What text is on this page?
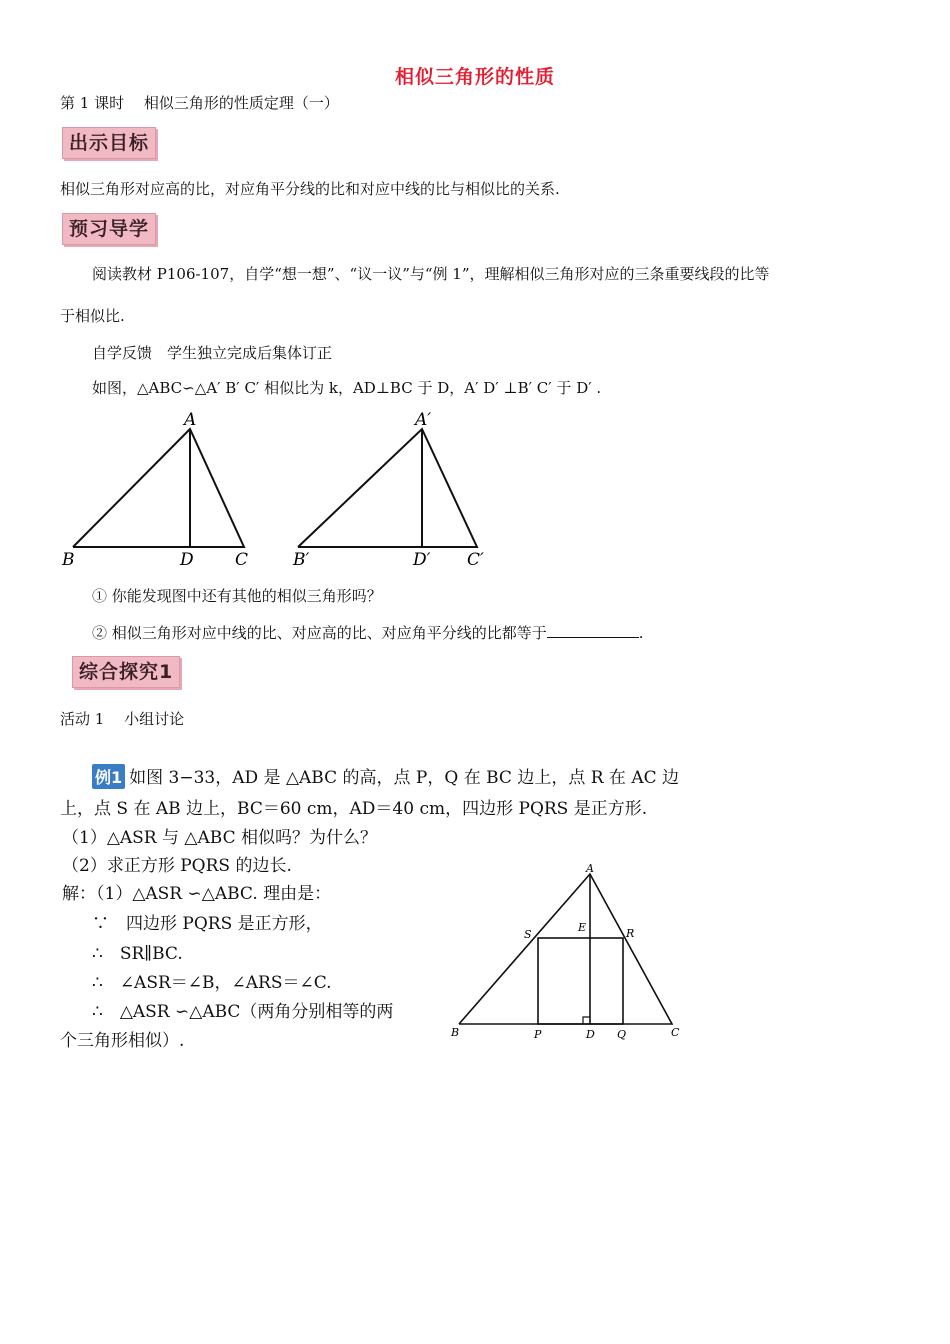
相似三角形的性质
第 1 课时　 相似三角形的性质定理（一）
出示目标
相似三角形对应高的比，对应角平分线的比和对应中线的比与相似比的关系.
预习导学
阅读教材 P106-107，自学“想一想”、“议一议”与“例 1”，理解相似三角形对应的三条重要线段的比等
于相似比.
自学反馈　学生独立完成后集体订正
如图，△ABC∽△A′ B′ C′ 相似比为 k，AD⊥BC 于 D，A′ D′ ⊥B′ C′ 于 D′ .
A
B	D C
A′
B′	D′ C′
① 你能发现图中还有其他的相似三角形吗？
② 相似三角形对应中线的比、对应高的比、对应角平分线的比都等于	.
综合探究1
活动 1　 小组讨论
例1 如图 3−33，AD 是 △ABC 的高，点 P，Q 在 BC 边上，点 R 在 AC 边
上，点 S 在 AB 边上，BC＝60 cm，AD＝40 cm，四边形 PQRS 是正方形.
（1）△ASR 与 △ABC 相似吗？为什么？
（2）求正方形 PQRS 的边长.
解：（1）△ASR ∽△ABC. 理由是：
∵　四边形 PQRS 是正方形，
∴　SR∥BC.
∴　∠ASR＝∠B，∠ARS＝∠C.
∴　△ASR ∽△ABC（两角分别相等的两
个三角形相似）.
A
S
E	R
B	P	D Q	C
